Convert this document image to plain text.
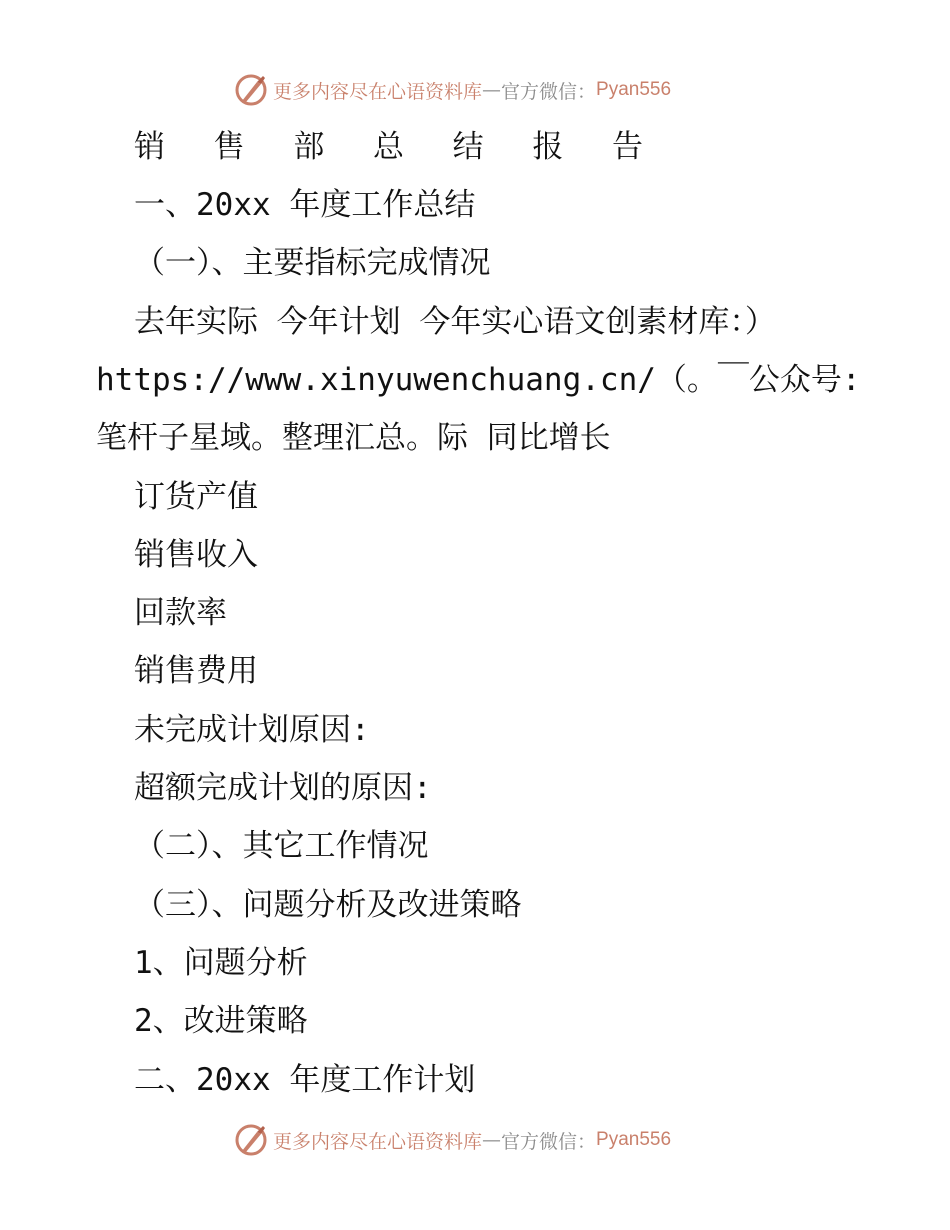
更多内容尽在心语资料库 — 官方微信： Pyan556
销 售 部 总 结 报 告
一、20xx 年度工作总结
（一）、主要指标完成情况
去年实际 今年计划 今年实心语文创素材库：）
https://www.xinyuwenchuang.cn/（。￣公众号:
笔杆子星域。整理汇总。际 同比增长
订货产值
销售收入
回款率
销售费用
未完成计划原因:
超额完成计划的原因:
（二）、其它工作情况
（三）、问题分析及改进策略
1、问题分析
2、改进策略
二、20xx 年度工作计划
更多内容尽在心语资料库 — 官方微信： Pyan556
